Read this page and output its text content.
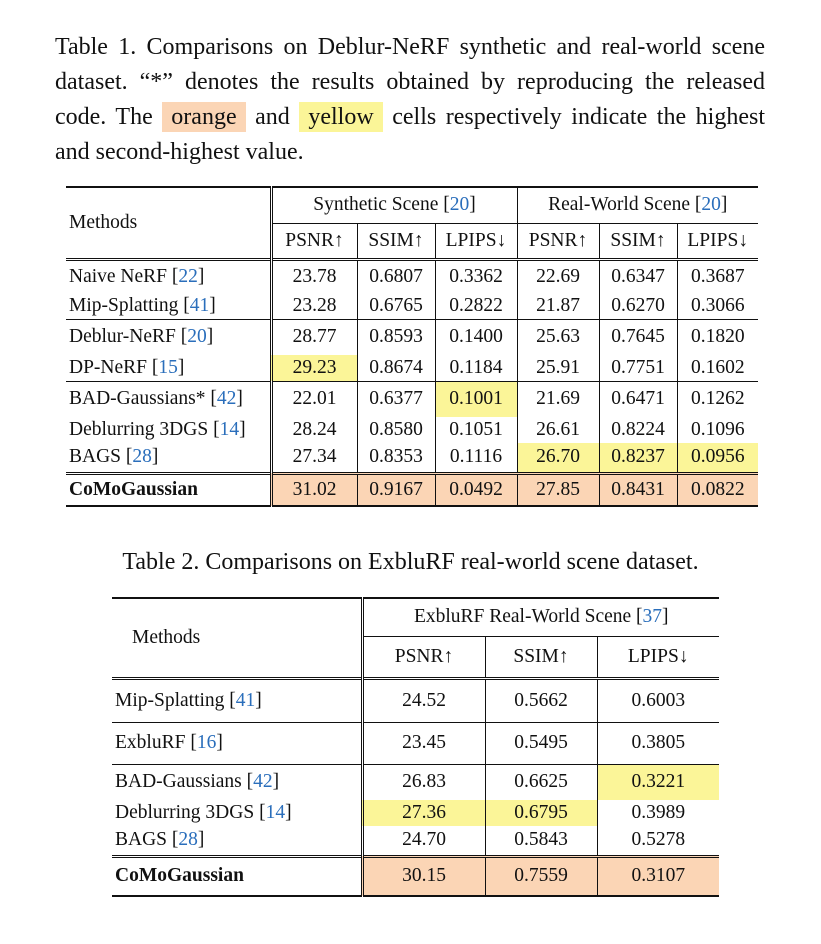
Table 1. Comparisons on Deblur-NeRF synthetic and real-world scene dataset. “*” denotes the results obtained by reproducing the released code. The orange and yellow cells respectively indicate the highest and second-highest value.
Methods	Synthetic Scene [20]			Real-World Scene [20]		
	PSNR↑	SSIM↑	LPIPS↓	PSNR↑	SSIM↑	LPIPS↓
Naive NeRF [22]	23.78	0.6807	0.3362	22.69	0.6347	0.3687
Mip-Splatting [41]	23.28	0.6765	0.2822	21.87	0.6270	0.3066
Deblur-NeRF [20]	28.77	0.8593	0.1400	25.63	0.7645	0.1820
DP-NeRF [15]	29.23	0.8674	0.1184	25.91	0.7751	0.1602
BAD-Gaussians* [42]	22.01	0.6377	0.1001	21.69	0.6471	0.1262
Deblurring 3DGS [14]	28.24	0.8580	0.1051	26.61	0.8224	0.1096
BAGS [28]	27.34	0.8353	0.1116	26.70	0.8237	0.0956
CoMoGaussian	31.02	0.9167	0.0492	27.85	0.8431	0.0822
Table 2. Comparisons on ExbluRF real-world scene dataset.
Methods	ExbluRF Real-World Scene [37]		
	PSNR↑	SSIM↑	LPIPS↓
Mip-Splatting [41]	24.52	0.5662	0.6003
ExbluRF [16]	23.45	0.5495	0.3805
BAD-Gaussians [42]	26.83	0.6625	0.3221
Deblurring 3DGS [14]	27.36	0.6795	0.3989
BAGS [28]	24.70	0.5843	0.5278
CoMoGaussian	30.15	0.7559	0.3107
